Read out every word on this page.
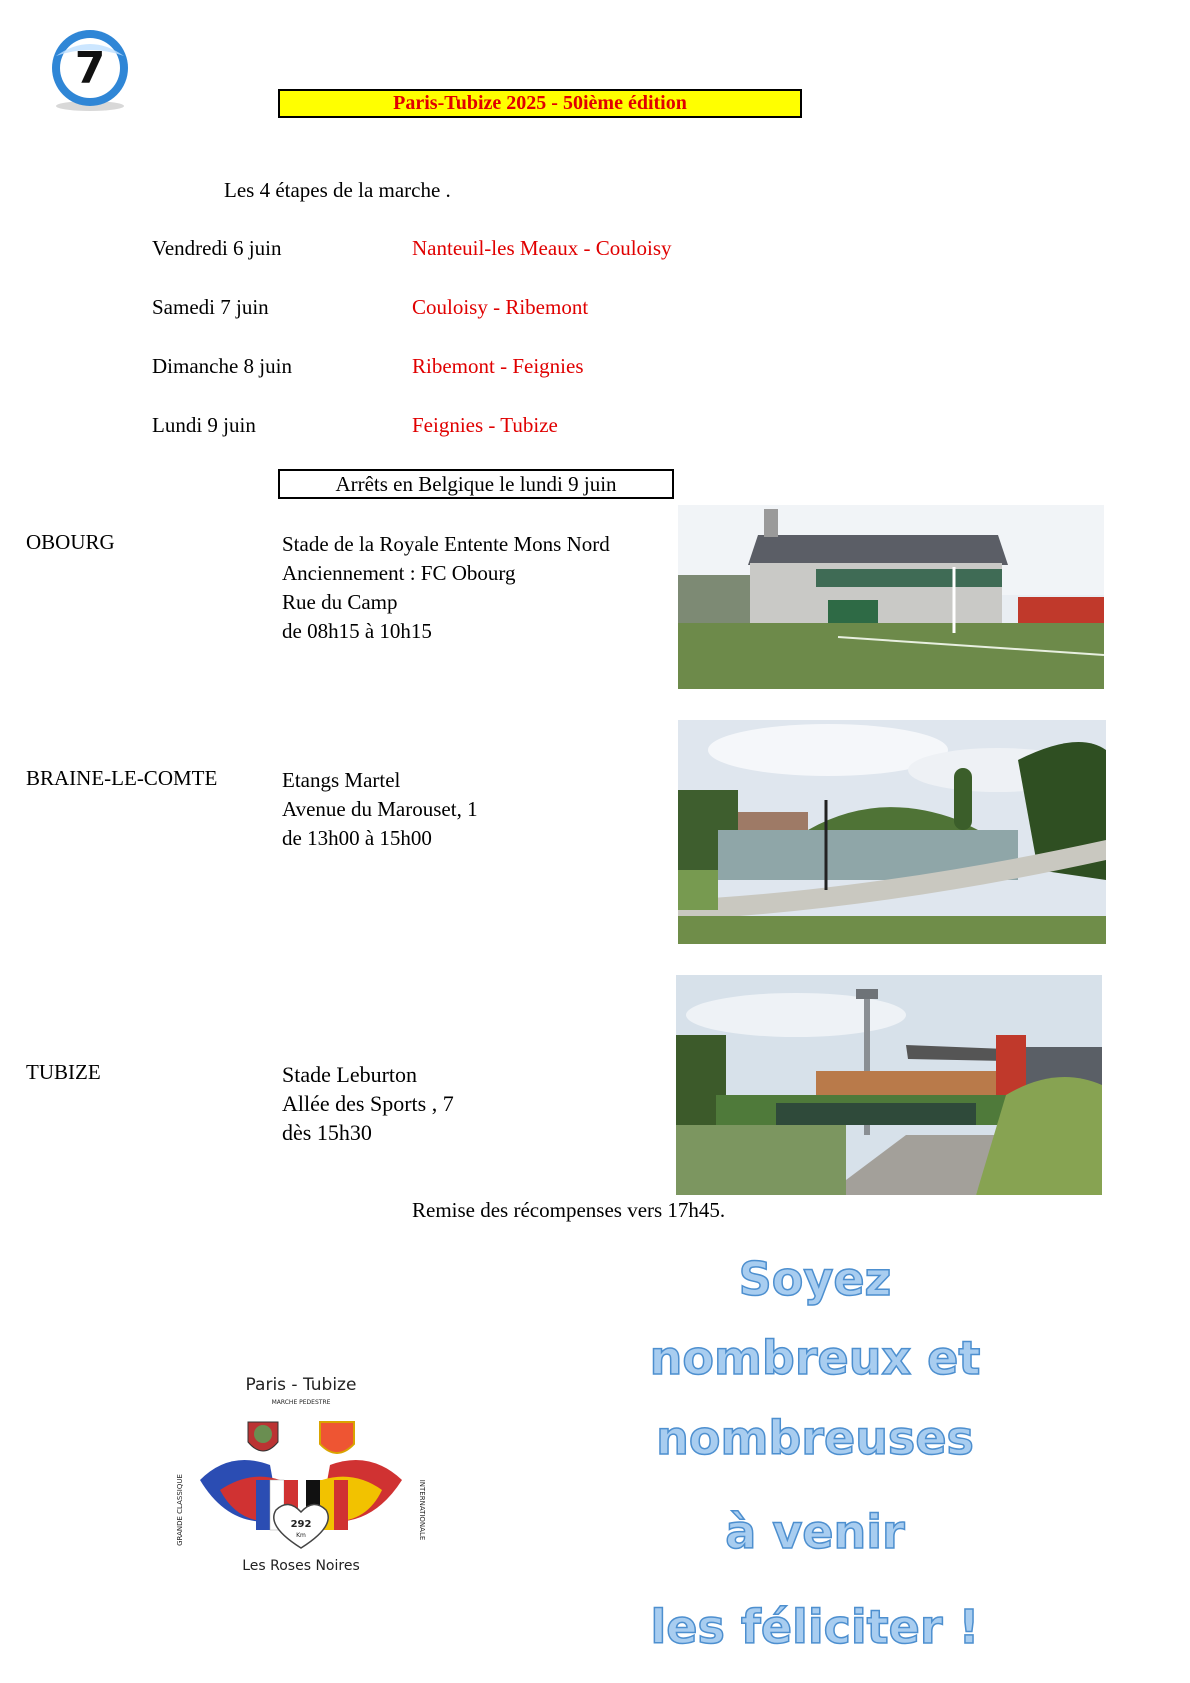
7
Paris-Tubize 2025 - 50ième édition
Les 4 étapes de la marche .
Vendredi 6 juin	Nanteuil-les Meaux - Couloisy
Samedi 7 juin	Couloisy - Ribemont
Dimanche 8 juin	Ribemont - Feignies
Lundi 9 juin	Feignies - Tubize
Arrêts en Belgique le lundi 9 juin
OBOURG	Stade de la Royale Entente Mons Nord
Anciennement : FC Obourg
Rue du Camp
de 08h15 à 10h15
BRAINE-LE-COMTE	Etangs Martel
Avenue du Marouset, 1
de 13h00 à 15h00
TUBIZE	Stade Leburton
Allée des Sports , 7
dès 15h30
Remise des récompenses vers 17h45.
Soyez
nombreux et
nombreuses
à venir
les féliciter !
Paris - Tubize
MARCHE PEDESTRE
GRANDE CLASSIQUE	INTERNATIONALE
292
Km
Les Roses Noires
